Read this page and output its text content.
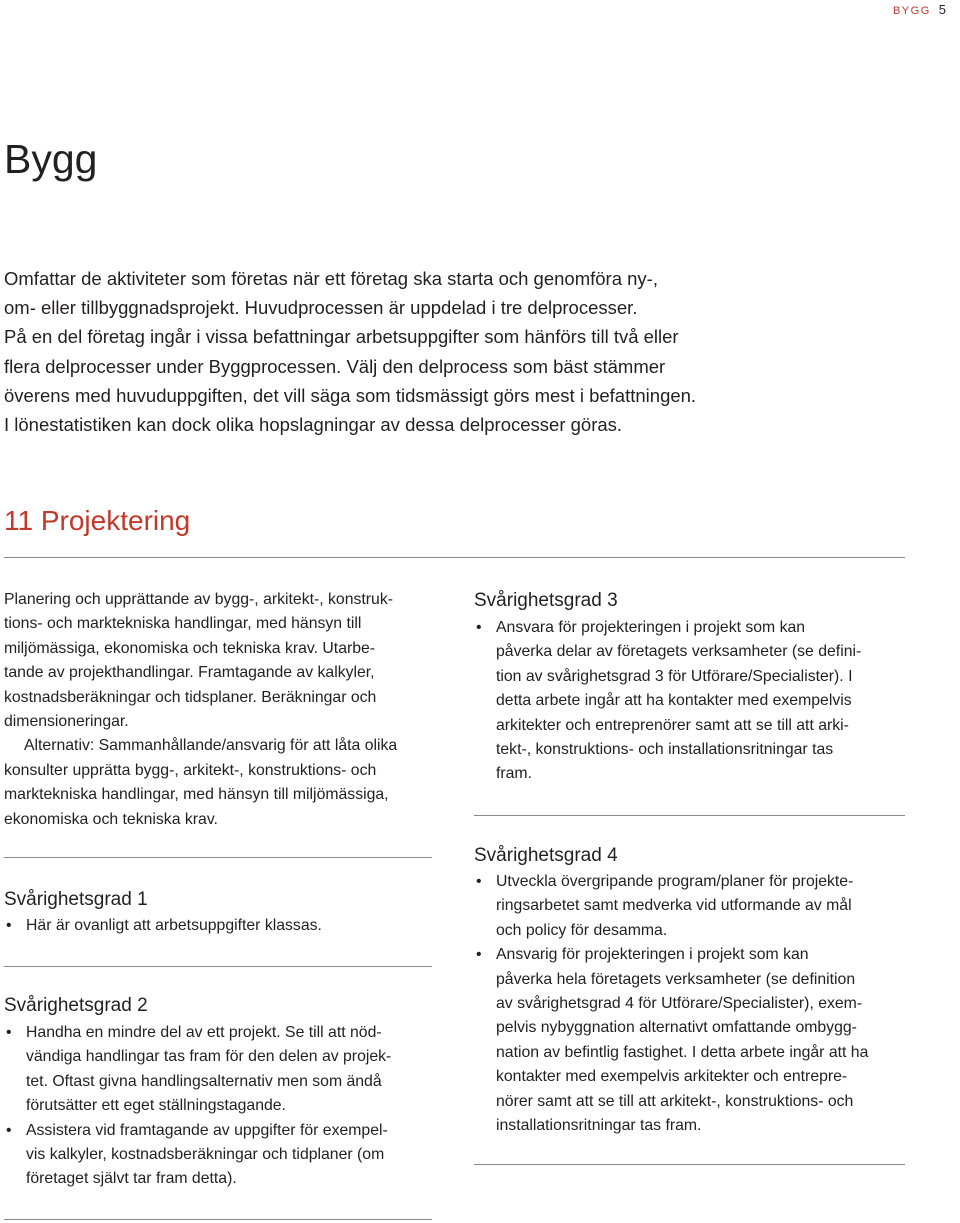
BYGG 5
Bygg

Omfattar de aktiviteter som företas när ett företag ska starta och genomföra ny-,
om- eller tillbyggnadsprojekt. Huvudprocessen är uppdelad i tre delprocesser.
På en del företag ingår i vissa befattningar arbetsuppgifter som hänförs till två eller
flera delprocesser under Byggprocessen. Välj den delprocess som bäst stämmer
överens med huvuduppgiften, det vill säga som tidsmässigt görs mest i befattningen.
I lönestatistiken kan dock olika hopslagningar av dessa delprocesser göras.

11 Projektering

Planering och upprättande av bygg-, arkitekt-, konstruk-
tions- och marktekniska handlingar, med hänsyn till
miljömässiga, ekonomiska och tekniska krav. Utarbe-
tande av projekthandlingar. Framtagande av kalkyler,
kostnadsberäkningar och tidsplaner. Beräkningar och
dimensioneringar.

Alternativ: Sammanhållande/ansvarig för att låta olika
konsulter upprätta bygg-, arkitekt-, konstruktions- och
marktekniska handlingar, med hänsyn till miljömässiga,
ekonomiska och tekniska krav.

Svårighetsgrad 1
• Här är ovanligt att arbetsuppgifter klassas.
Svårighetsgrad 2
• Handha en mindre del av ett projekt. Se till att nöd-
vändiga handlingar tas fram för den delen av projek-
tet. Oftast givna handlingsalternativ men som ändå
förutsätter ett eget ställningstagande.
• Assistera vid framtagande av uppgifter för exempel-
vis kalkyler, kostnadsberäkningar och tidplaner (om
företaget självt tar fram detta).
Svårighetsgrad 3
• Ansvara för projekteringen i projekt som kan
påverka delar av företagets verksamheter (se defini-
tion av svårighetsgrad 3 för Utförare/Specialister). I
detta arbete ingår att ha kontakter med exempelvis
arkitekter och entreprenörer samt att se till att arki-
tekt-, konstruktions- och installationsritningar tas
fram.
Svårighetsgrad 4
• Utveckla övergripande program/planer för projekte-
ringsarbetet samt medverka vid utformande av mål
och policy för desamma.
• Ansvarig för projekteringen i projekt som kan
påverka hela företagets verksamheter (se definition
av svårighetsgrad 4 för Utförare/Specialister), exem-
pelvis nybyggnation alternativt omfattande ombygg-
nation av befintlig fastighet. I detta arbete ingår att ha
kontakter med exempelvis arkitekter och entrepre-
nörer samt att se till att arkitekt-, konstruktions- och
installationsritningar tas fram.
